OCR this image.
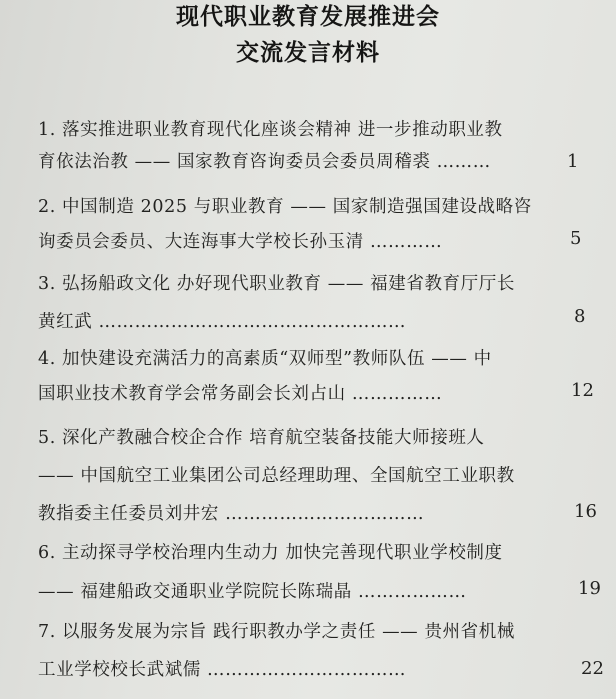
现代职业教育发展推进会
交流发言材料
1. 落实推进职业教育现代化座谈会精神 进一步推动职业教
育依法治教 —— 国家教育咨询委员会委员周稽裘 ………	1
2. 中国制造 2025 与职业教育 —— 国家制造强国建设战略咨
询委员会委员、大连海事大学校长孙玉清 …………	5
3. 弘扬船政文化 办好现代职业教育 —— 福建省教育厅厅长
黄红武 ……………………………………………	8
4. 加快建设充满活力的高素质“双师型”教师队伍 —— 中
国职业技术教育学会常务副会长刘占山 ……………	12
5. 深化产教融合校企合作 培育航空装备技能大师接班人
—— 中国航空工业集团公司总经理助理、全国航空工业职教
教指委主任委员刘井宏 ……………………………	16
6. 主动探寻学校治理内生动力 加快完善现代职业学校制度
—— 福建船政交通职业学院院长陈瑞晶 ………………	19
7. 以服务发展为宗旨 践行职教办学之责任 —— 贵州省机械
工业学校校长武斌儒 ……………………………	22
